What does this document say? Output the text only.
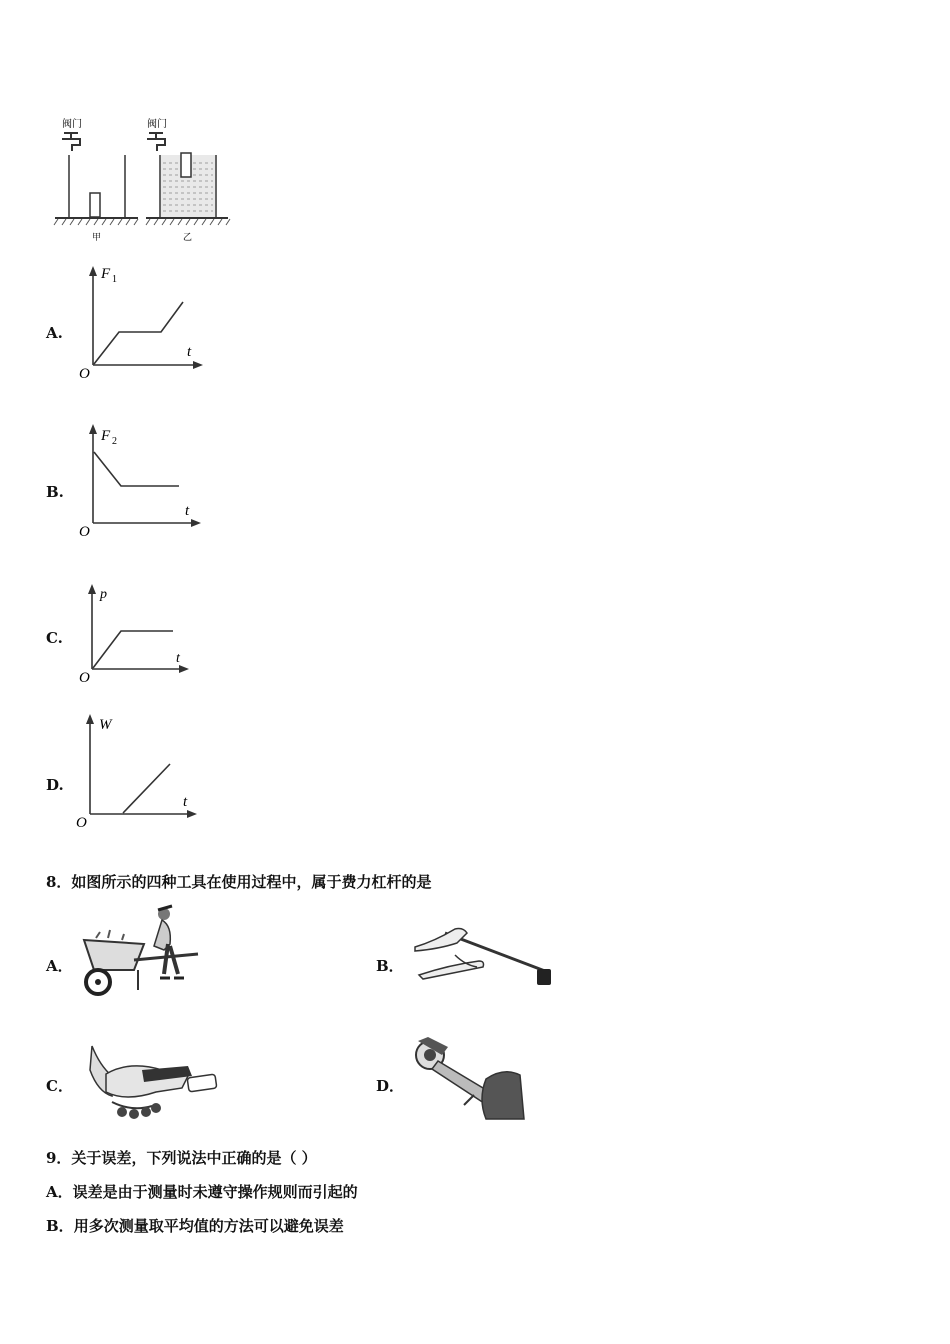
阀门
甲
阀门
乙
A.
F 1
t
O
B.
F 2
t
O
C.
p
t
O
D.
W
t
O
8．如图所示的四种工具在使用过程中，属于费力杠杆的是
A．	B．
C．	D．
9．关于误差，下列说法中正确的是（ ）
A．误差是由于测量时未遵守操作规则而引起的
B．用多次测量取平均值的方法可以避免误差
